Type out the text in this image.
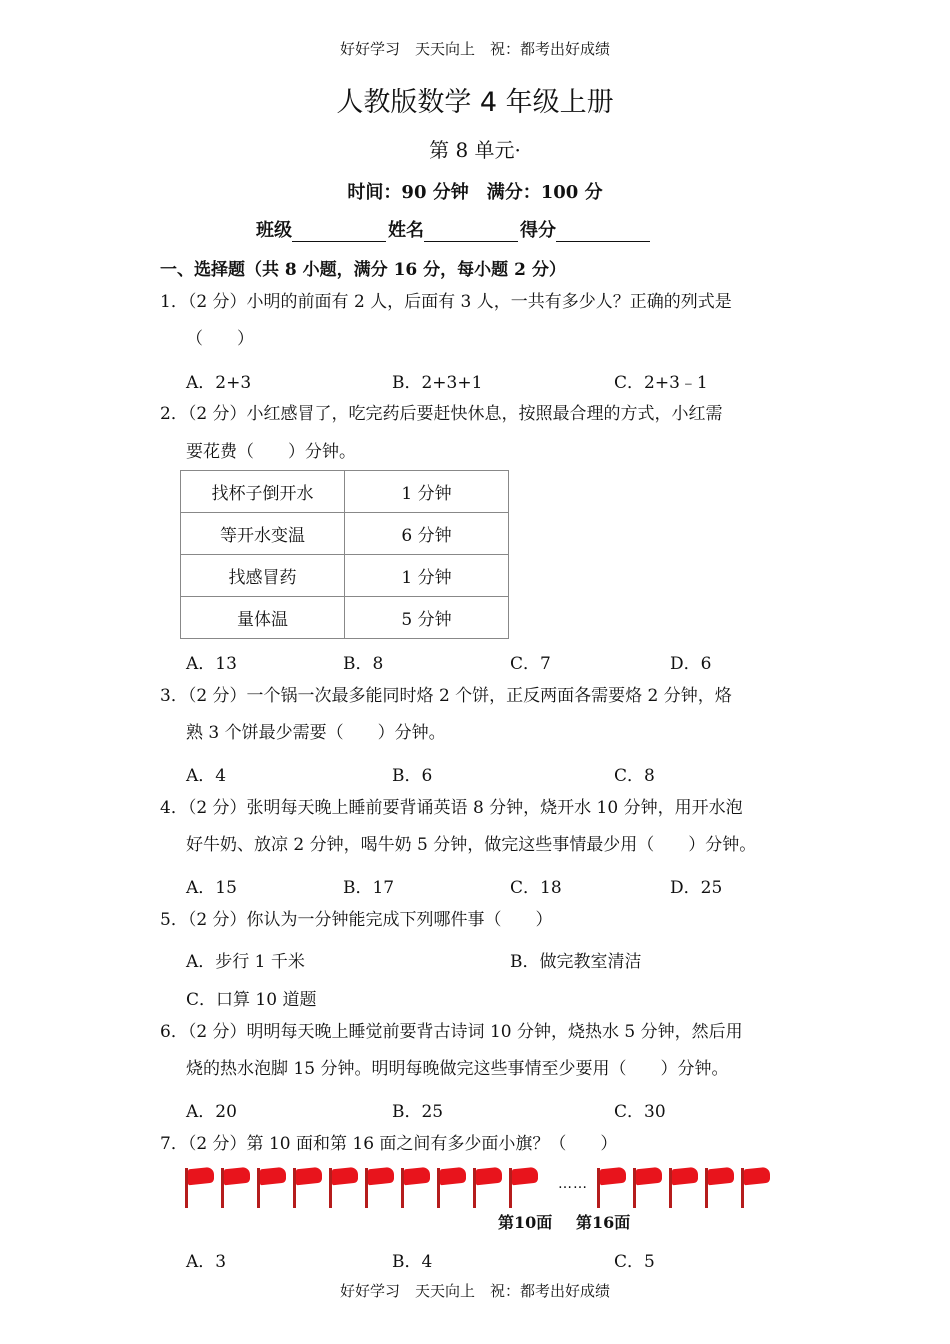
好好学习　天天向上　祝：都考出好成绩
人教版数学 4 年级上册
第 8 单元·
时间：90 分钟　满分：100 分
班级	姓名	得分
一、选择题（共 8 小题，满分 16 分，每小题 2 分）
1．（2 分）小明的前面有 2 人，后面有 3 人，一共有多少人？正确的列式是
（　　）
A．2+3	B．2+3+1	C．2+3﹣1
2．（2 分）小红感冒了，吃完药后要赶快休息，按照最合理的方式，小红需
要花费（　　）分钟。
找杯子倒开水	1 分钟
等开水变温	6 分钟
找感冒药	1 分钟
量体温	5 分钟
A．13	B．8	C．7	D．6
3．（2 分）一个锅一次最多能同时烙 2 个饼，正反两面各需要烙 2 分钟，烙
熟 3 个饼最少需要（　　）分钟。
A．4	B．6	C．8
4．（2 分）张明每天晚上睡前要背诵英语 8 分钟，烧开水 10 分钟，用开水泡
好牛奶、放凉 2 分钟，喝牛奶 5 分钟，做完这些事情最少用（　　）分钟。
A．15	B．17	C．18	D．25
5．（2 分）你认为一分钟能完成下列哪件事（　　）
A．步行 1 千米	B．做完教室清洁
C．口算 10 道题
6．（2 分）明明每天晚上睡觉前要背古诗词 10 分钟，烧热水 5 分钟，然后用
烧的热水泡脚 15 分钟。明明每晚做完这些事情至少要用（　　）分钟。
A．20	B．25	C．30
7．（2 分）第 10 面和第 16 面之间有多少面小旗？（　　）
……
第10面 第16面
A．3	B．4	C．5
好好学习　天天向上　祝：都考出好成绩
